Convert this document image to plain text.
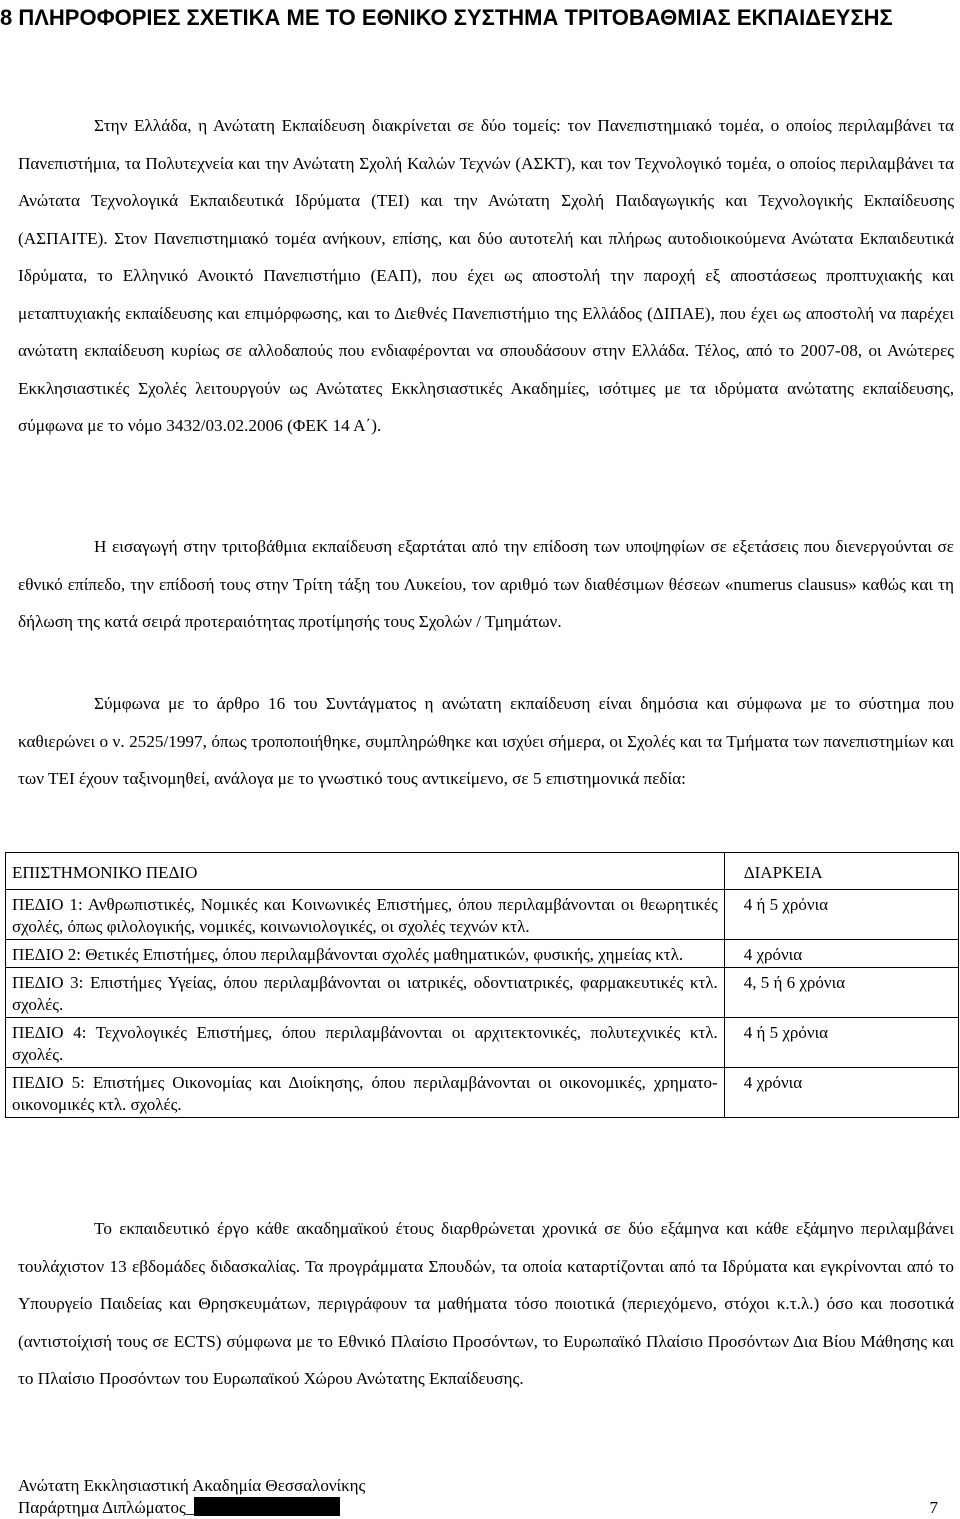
8 ΠΛΗΡΟΦΟΡΙΕΣ ΣΧΕΤΙΚΑ ΜΕ ΤΟ ΕΘΝΙΚΟ ΣΥΣΤΗΜΑ ΤΡΙΤΟΒΑΘΜΙΑΣ ΕΚΠΑΙΔΕΥΣΗΣ

Στην Ελλάδα, η Ανώτατη Εκπαίδευση διακρίνεται σε δύο τομείς: τον Πανεπιστημιακό τομέα, ο οποίος περιλαμβάνει τα Πανεπιστήμια, τα Πολυτεχνεία και την Ανώτατη Σχολή Καλών Τεχνών (ΑΣΚΤ), και τον Τεχνολογικό τομέα, ο οποίος περιλαμβάνει τα Ανώτατα Τεχνολογικά Εκπαιδευτικά Ιδρύματα (ΤΕΙ) και την Ανώτατη Σχολή Παιδαγωγικής και Τεχνολογικής Εκπαίδευσης (ΑΣΠΑΙΤΕ). Στον Πανεπιστημιακό τομέα ανήκουν, επίσης, και δύο αυτοτελή και πλήρως αυτοδιοικούμενα Ανώτατα Εκπαιδευτικά Ιδρύματα, το Ελληνικό Ανοικτό Πανεπιστήμιο (ΕΑΠ), που έχει ως αποστολή την παροχή εξ αποστάσεως προπτυχιακής και μεταπτυχιακής εκπαίδευσης και επιμόρφωσης, και το Διεθνές Πανεπιστήμιο της Ελλάδος (ΔΙΠΑΕ), που έχει ως αποστολή να παρέχει ανώτατη εκπαίδευση κυρίως σε αλλοδαπούς που ενδιαφέρονται να σπουδάσουν στην Ελλάδα. Τέλος, από το 2007-08, οι Ανώτερες Εκκλησιαστικές Σχολές λειτουργούν ως Ανώτατες Εκκλησιαστικές Ακαδημίες, ισότιμες με τα ιδρύματα ανώτατης εκπαίδευσης, σύμφωνα με το νόμο 3432/03.02.2006 (ΦΕΚ 14 Α΄).

Η εισαγωγή στην τριτοβάθμια εκπαίδευση εξαρτάται από την επίδοση των υποψηφίων σε εξετάσεις που διενεργούνται σε εθνικό επίπεδο, την επίδοσή τους στην Τρίτη τάξη του Λυκείου, τον αριθμό των διαθέσιμων θέσεων «numerus clausus» καθώς και τη δήλωση της κατά σειρά προτεραιότητας προτίμησής τους Σχολών / Τμημάτων.

Σύμφωνα με το άρθρο 16 του Συντάγματος η ανώτατη εκπαίδευση είναι δημόσια και σύμφωνα με το σύστημα που καθιερώνει ο ν. 2525/1997, όπως τροποποιήθηκε, συμπληρώθηκε και ισχύει σήμερα, οι Σχολές και τα Τμήματα των πανεπιστημίων και των ΤΕΙ έχουν ταξινομηθεί, ανάλογα με το γνωστικό τους αντικείμενο, σε 5 επιστημονικά πεδία:

ΕΠΙΣΤΗΜΟΝΙΚΟ ΠΕΔΙΟ	ΔΙΑΡΚΕΙΑ
ΠΕΔΙΟ 1: Ανθρωπιστικές, Νομικές και Κοινωνικές Επιστήμες, όπου περιλαμβάνονται οι θεωρητικές σχολές, όπως φιλολογικής, νομικές, κοινωνιολογικές, οι σχολές τεχνών κτλ.	4 ή 5 χρόνια
ΠΕΔΙΟ 2: Θετικές Επιστήμες, όπου περιλαμβάνονται σχολές μαθηματικών, φυσικής, χημείας κτλ.	4 χρόνια
ΠΕΔΙΟ 3: Επιστήμες Υγείας, όπου περιλαμβάνονται οι ιατρικές, οδοντιατρικές, φαρμακευτικές κτλ. σχολές.	4, 5 ή 6 χρόνια
ΠΕΔΙΟ 4: Τεχνολογικές Επιστήμες, όπου περιλαμβάνονται οι αρχιτεκτονικές, πολυτεχνικές κτλ. σχολές.	4 ή 5 χρόνια
ΠΕΔΙΟ 5: Επιστήμες Οικονομίας και Διοίκησης, όπου περιλαμβάνονται οι οικονομικές, χρηματο-οικονομικές κτλ. σχολές.	4 χρόνια

Το εκπαιδευτικό έργο κάθε ακαδημαϊκού έτους διαρθρώνεται χρονικά σε δύο εξάμηνα και κάθε εξάμηνο περιλαμβάνει τουλάχιστον 13 εβδομάδες διδασκαλίας. Τα προγράμματα Σπουδών, τα οποία καταρτίζονται από τα Ιδρύματα και εγκρίνονται από το Υπουργείο Παιδείας και Θρησκευμάτων, περιγράφουν τα μαθήματα τόσο ποιοτικά (περιεχόμενο, στόχοι κ.τ.λ.) όσο και ποσοτικά (αντιστοίχισή τους σε ECTS) σύμφωνα με το Εθνικό Πλαίσιο Προσόντων, το Ευρωπαϊκό Πλαίσιο Προσόντων Δια Βίου Μάθησης και το Πλαίσιο Προσόντων του Ευρωπαϊκού Χώρου Ανώτατης Εκπαίδευσης.

Ανώτατη Εκκλησιαστική Ακαδημία Θεσσαλονίκης
Παράρτημα Διπλώματος_	7
